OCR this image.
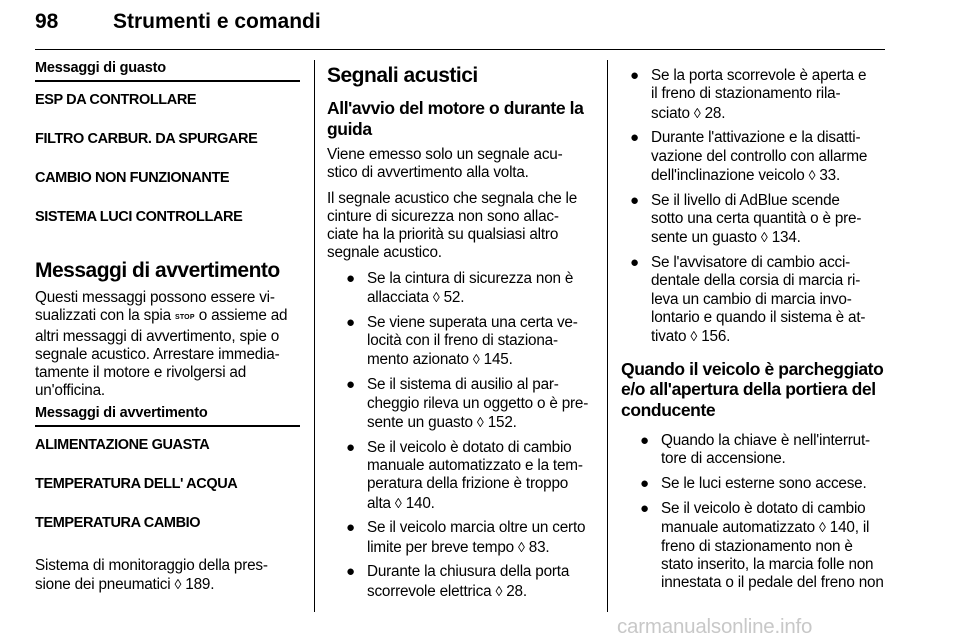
98	Strumenti e comandi
Messaggi di guasto
ESP DA CONTROLLARE
FILTRO CARBUR. DA SPURGARE
CAMBIO NON FUNZIONANTE
SISTEMA LUCI CONTROLLARE
Messaggi di avvertimento
Questi messaggi possono essere vi-
sualizzati con la spia STOP o assieme ad
altri messaggi di avvertimento, spie o
segnale acustico. Arrestare immedia-
tamente il motore e rivolgersi ad
un'officina.
Messaggi di avvertimento
ALIMENTAZIONE GUASTA
TEMPERATURA DELL' ACQUA
TEMPERATURA CAMBIO
Sistema di monitoraggio della pres-
sione dei pneumatici ◊ 189.
Segnali acustici
All'avvio del motore o durante la
guida
Viene emesso solo un segnale acu-
stico di avvertimento alla volta.
Il segnale acustico che segnala che le
cinture di sicurezza non sono allac-
ciate ha la priorità su qualsiasi altro
segnale acustico.
● Se la cintura di sicurezza non è
allacciata ◊ 52.
● Se viene superata una certa ve-
locità con il freno di staziona-
mento azionato ◊ 145.
● Se il sistema di ausilio al par-
cheggio rileva un oggetto o è pre-
sente un guasto ◊ 152.
● Se il veicolo è dotato di cambio
manuale automatizzato e la tem-
peratura della frizione è troppo
alta ◊ 140.
● Se il veicolo marcia oltre un certo
limite per breve tempo ◊ 83.
● Durante la chiusura della porta
scorrevole elettrica ◊ 28.
● Se la porta scorrevole è aperta e
il freno di stazionamento rila-
sciato ◊ 28.
● Durante l'attivazione e la disatti-
vazione del controllo con allarme
dell'inclinazione veicolo ◊ 33.
● Se il livello di AdBlue scende
sotto una certa quantità o è pre-
sente un guasto ◊ 134.
● Se l'avvisatore di cambio acci-
dentale della corsia di marcia ri-
leva un cambio di marcia invo-
lontario e quando il sistema è at-
tivato ◊ 156.
Quando il veicolo è parcheggiato
e/o all'apertura della portiera del
conducente
● Quando la chiave è nell'interrut-
tore di accensione.
● Se le luci esterne sono accese.
● Se il veicolo è dotato di cambio
manuale automatizzato ◊ 140, il
freno di stazionamento non è
stato inserito, la marcia folle non
innestata o il pedale del freno non
carmanualsonline.info
